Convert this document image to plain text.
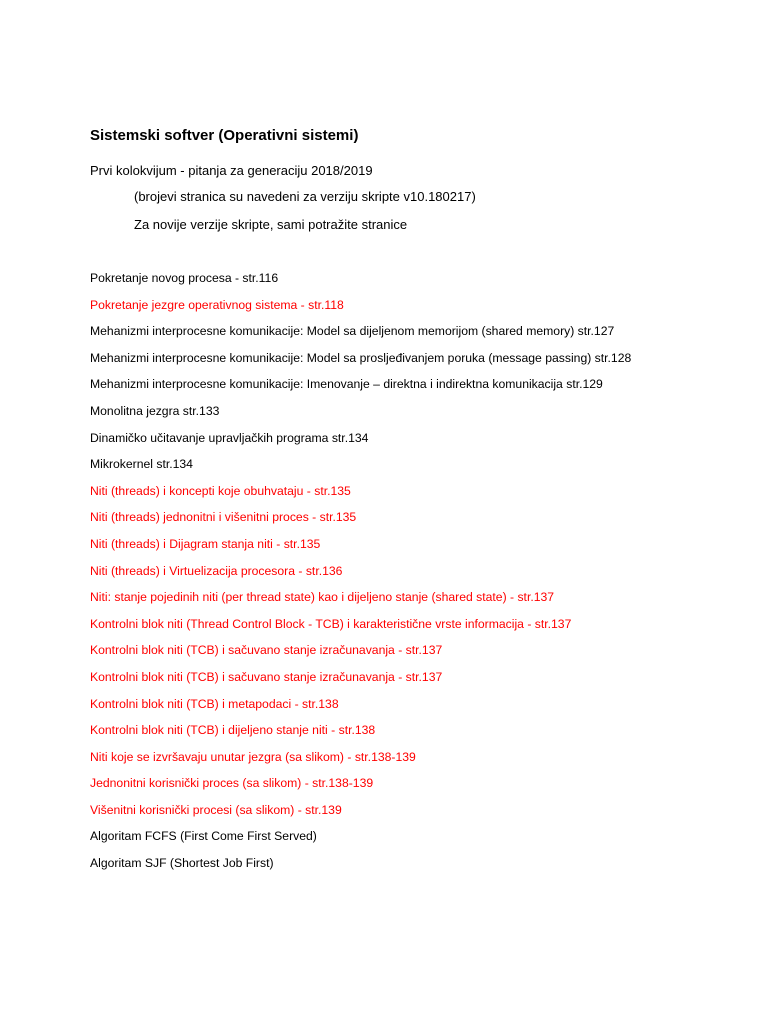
Sistemski softver (Operativni sistemi)
Prvi kolokvijum - pitanja za generaciju 2018/2019
(brojevi stranica su navedeni za verziju skripte v10.180217)
Za novije verzije skripte, sami potražite stranice
Pokretanje novog procesa - str.116
Pokretanje jezgre operativnog sistema - str.118
Mehanizmi interprocesne komunikacije: Model sa dijeljenom memorijom (shared memory) str.127
Mehanizmi interprocesne komunikacije: Model sa prosljeđivanjem poruka (message passing) str.128
Mehanizmi interprocesne komunikacije: Imenovanje – direktna i indirektna komunikacija str.129
Monolitna jezgra str.133
Dinamičko učitavanje upravljačkih programa str.134
Mikrokernel str.134
Niti (threads) i koncepti koje obuhvataju - str.135
Niti (threads) jednonitni i višenitni proces - str.135
Niti (threads) i Dijagram stanja niti - str.135
Niti (threads) i Virtuelizacija procesora - str.136
Niti: stanje pojedinih niti (per thread state) kao i dijeljeno stanje (shared state) - str.137
Kontrolni blok niti (Thread Control Block - TCB) i karakteristične vrste informacija - str.137
Kontrolni blok niti (TCB) i sačuvano stanje izračunavanja - str.137
Kontrolni blok niti (TCB) i sačuvano stanje izračunavanja - str.137
Kontrolni blok niti (TCB) i metapodaci - str.138
Kontrolni blok niti (TCB) i dijeljeno stanje niti - str.138
Niti koje se izvršavaju unutar jezgra (sa slikom) - str.138-139
Jednonitni korisnički proces (sa slikom) - str.138-139
Višenitni korisnički procesi (sa slikom) - str.139
Algoritam FCFS (First Come First Served)
Algoritam SJF (Shortest Job First)
